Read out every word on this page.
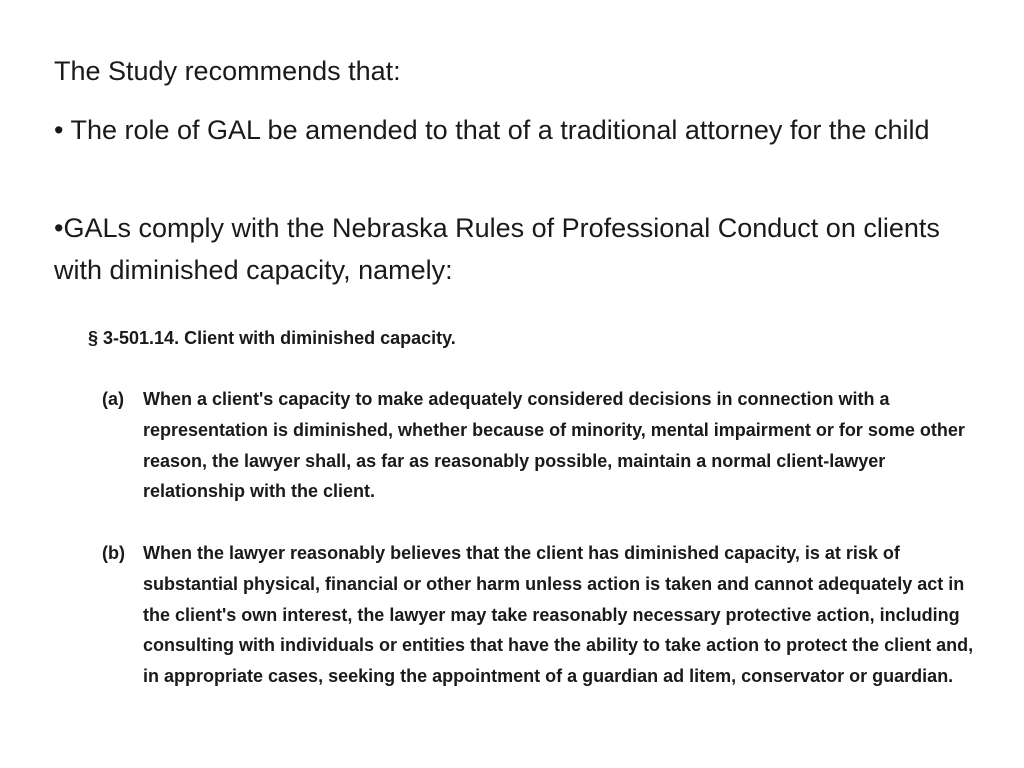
The Study recommends that:
• The role of GAL be amended to that of a traditional attorney for the child
•GALs comply with the Nebraska Rules of Professional Conduct on clients with diminished capacity, namely:
§ 3-501.14. Client with diminished capacity.
(a)	When a client's capacity to make adequately considered decisions in connection with a representation is diminished, whether because of minority, mental impairment or for some other reason, the lawyer shall, as far as reasonably possible, maintain a normal client-lawyer relationship with the client.
(b)	When the lawyer reasonably believes that the client has diminished capacity, is at risk of substantial physical, financial or other harm unless action is taken and cannot adequately act in the client's own interest, the lawyer may take reasonably necessary protective action, including consulting with individuals or entities that have the ability to take action to protect the client and, in appropriate cases, seeking the appointment of a guardian ad litem, conservator or guardian.
